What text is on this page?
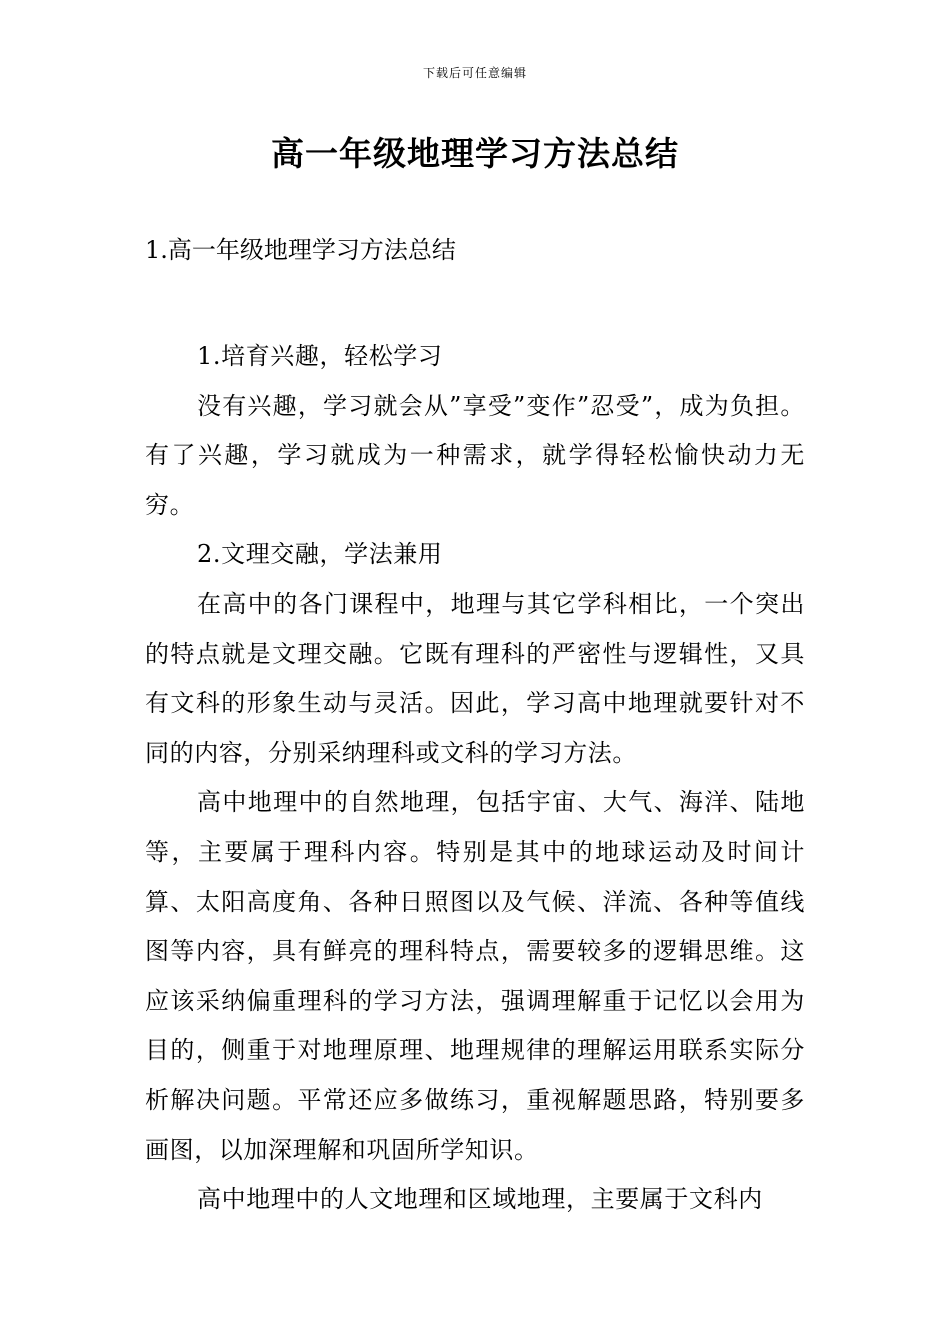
下载后可任意编辑
高一年级地理学习方法总结
1.高一年级地理学习方法总结

1.培育兴趣，轻松学习

没有兴趣，学习就会从”享受”变作”忍受”，成为负担。有了兴趣，学习就成为一种需求，就学得轻松愉快动力无穷。

2.文理交融，学法兼用

在高中的各门课程中，地理与其它学科相比，一个突出的特点就是文理交融。它既有理科的严密性与逻辑性，又具有文科的形象生动与灵活。因此，学习高中地理就要针对不同的内容，分别采纳理科或文科的学习方法。

高中地理中的自然地理，包括宇宙、大气、海洋、陆地等，主要属于理科内容。特别是其中的地球运动及时间计算、太阳高度角、各种日照图以及气候、洋流、各种等值线图等内容，具有鲜亮的理科特点，需要较多的逻辑思维。这应该采纳偏重理科的学习方法，强调理解重于记忆以会用为目的，侧重于对地理原理、地理规律的理解运用联系实际分析解决问题。平常还应多做练习，重视解题思路，特别要多画图，以加深理解和巩固所学知识。

高中地理中的人文地理和区域地理，主要属于文科内
